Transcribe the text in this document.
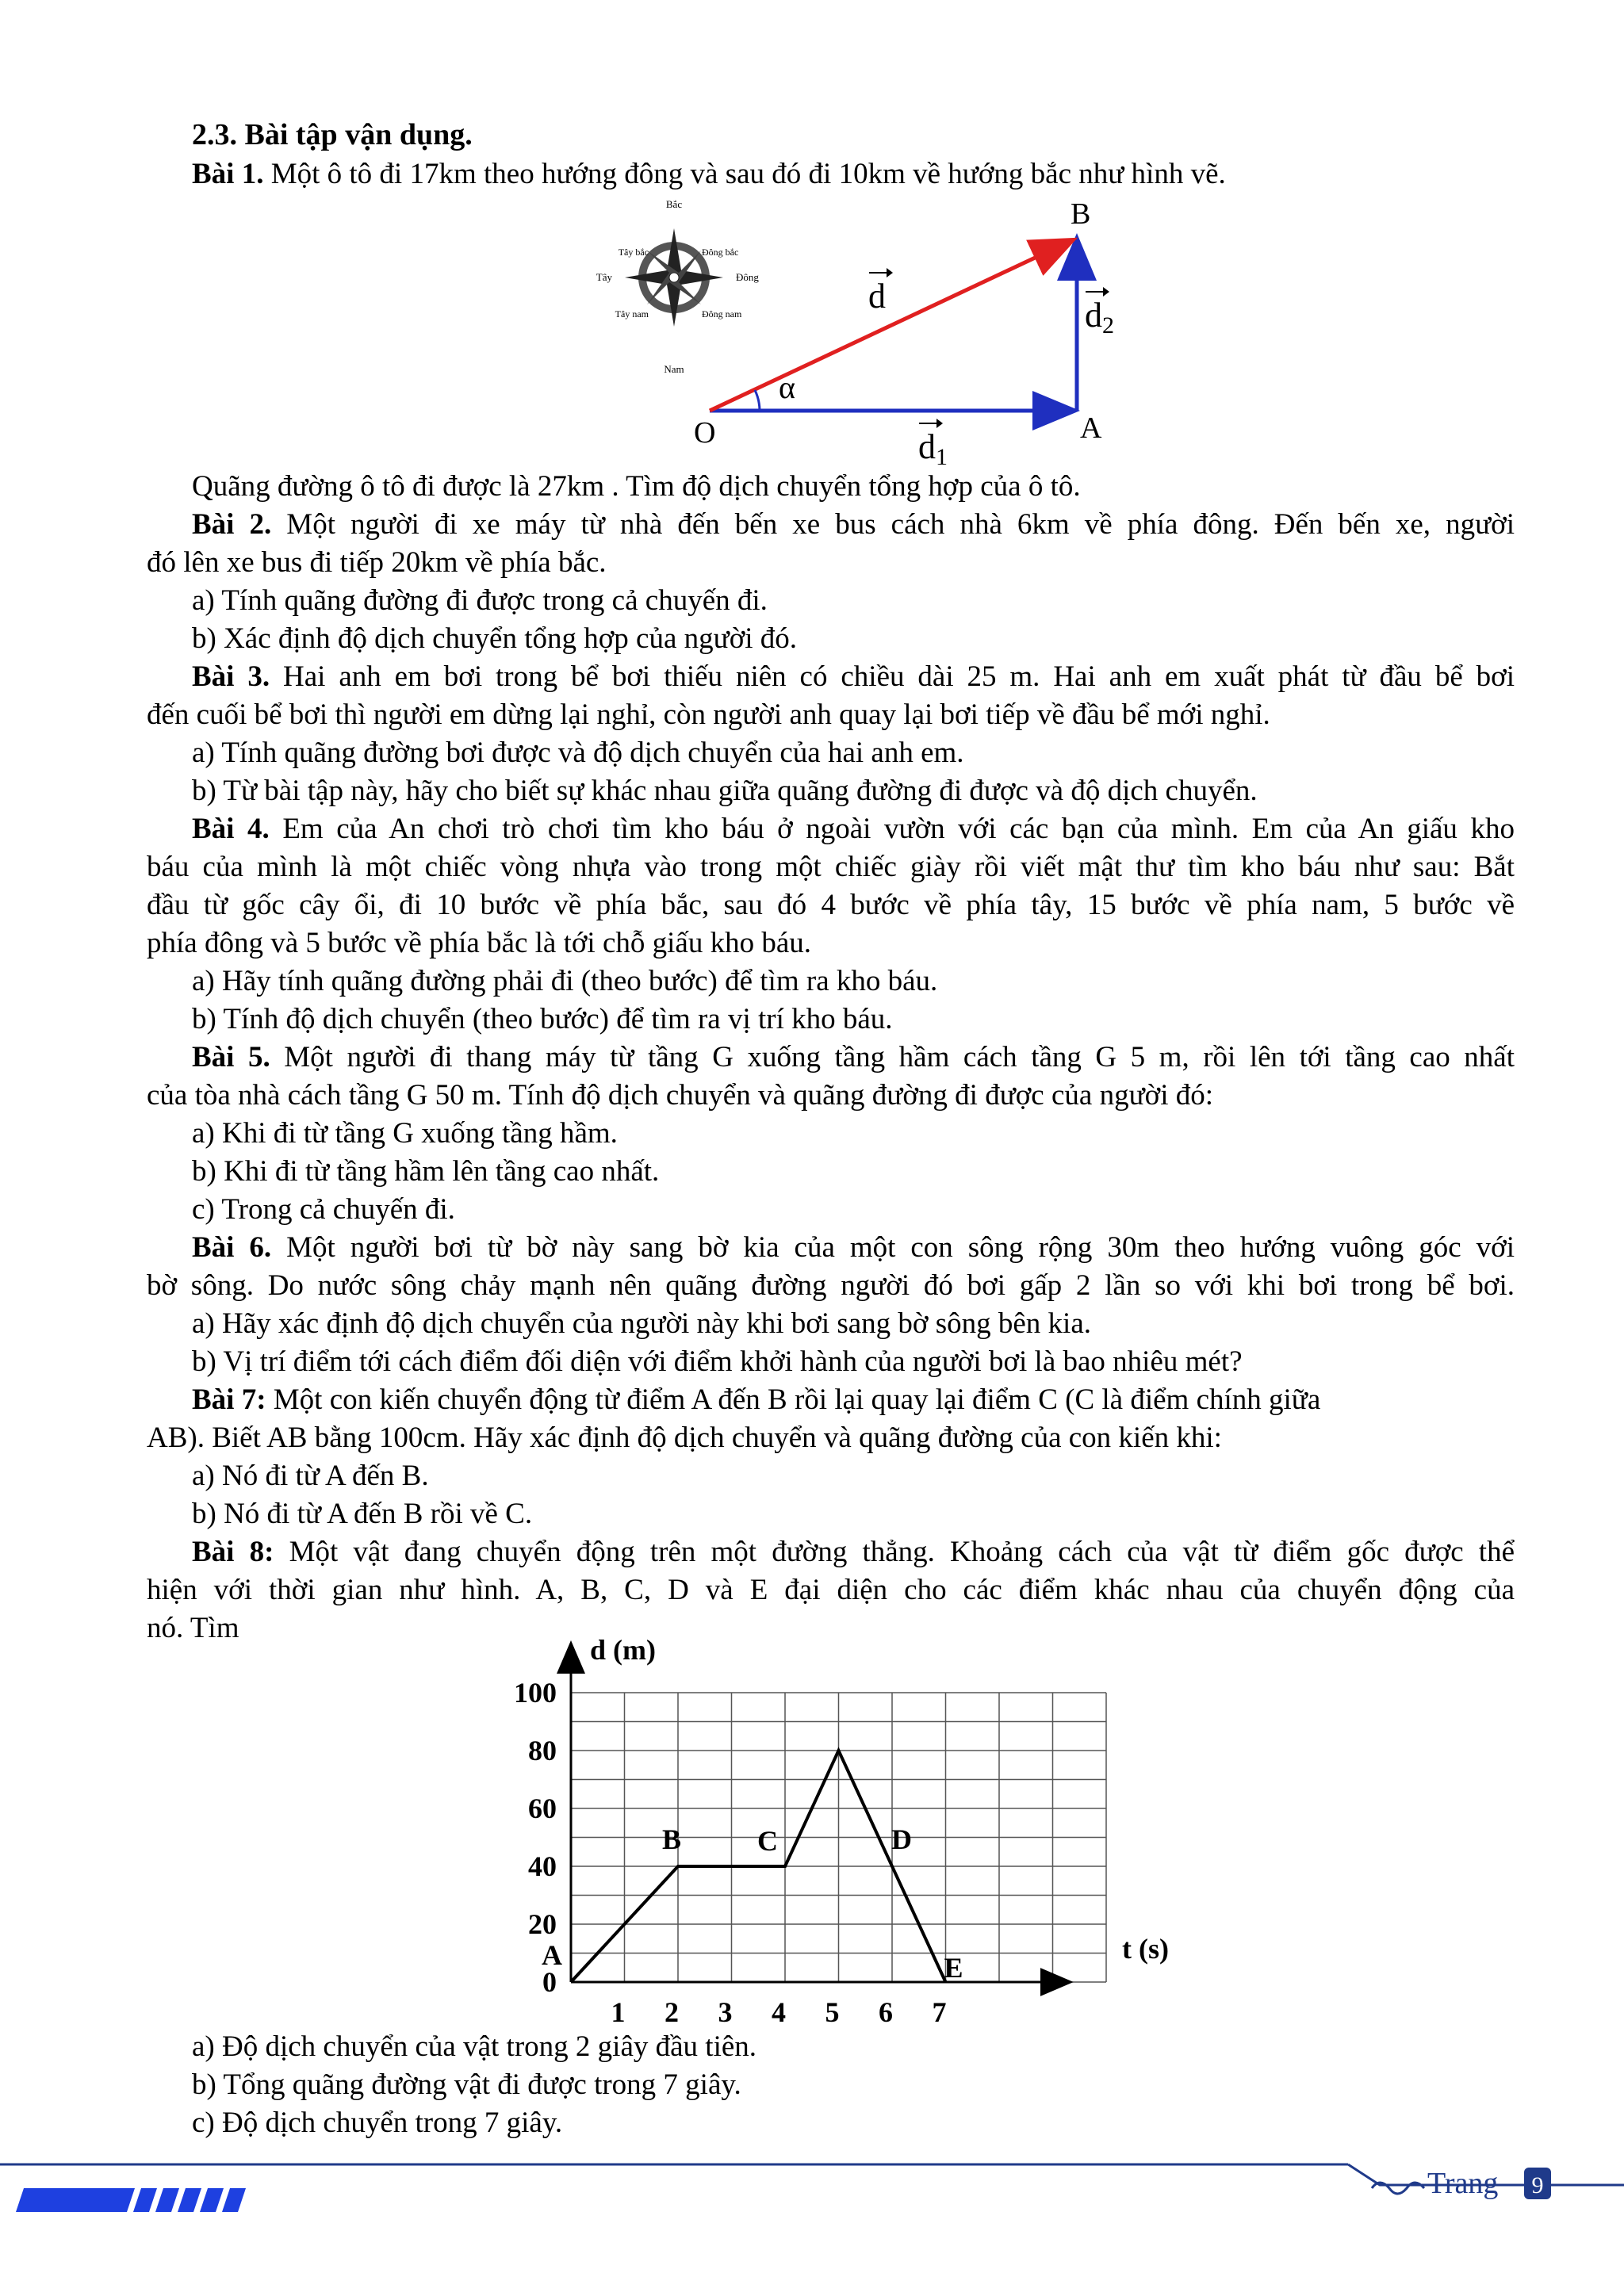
2.3. Bài tập vận dụng.
Bài 1. Một ô tô đi 17km theo hướng đông và sau đó đi 10km về hướng bắc như hình vẽ.
Bắc
Nam
Đông
Tây
Tây bắc	Đông bắc
Tây nam	Đông nam
α
O
B
A
d	d2
d1
Quãng đường ô tô đi được là 27km . Tìm độ dịch chuyển tổng hợp của ô tô.
Bài 2. Một người đi xe máy từ nhà đến bến xe bus cách nhà 6km về phía đông. Đến bến xe, người
đó lên xe bus đi tiếp 20km về phía bắc.
a) Tính quãng đường đi được trong cả chuyến đi.
b) Xác định độ dịch chuyển tổng hợp của người đó.
Bài 3. Hai anh em bơi trong bể bơi thiếu niên có chiều dài 25 m. Hai anh em xuất phát từ đầu bể bơi
đến cuối bể bơi thì người em dừng lại nghỉ, còn người anh quay lại bơi tiếp về đầu bể mới nghỉ.
a) Tính quãng đường bơi được và độ dịch chuyển của hai anh em.
b) Từ bài tập này, hãy cho biết sự khác nhau giữa quãng đường đi được và độ dịch chuyển.
Bài 4. Em của An chơi trò chơi tìm kho báu ở ngoài vườn với các bạn của mình. Em của An giấu kho
báu của mình là một chiếc vòng nhựa vào trong một chiếc giày rồi viết mật thư tìm kho báu như sau: Bắt
đầu từ gốc cây ổi, đi 10 bước về phía bắc, sau đó 4 bước về phía tây, 15 bước về phía nam, 5 bước về
phía đông và 5 bước về phía bắc là tới chỗ giấu kho báu.
a) Hãy tính quãng đường phải đi (theo bước) để tìm ra kho báu.
b) Tính độ dịch chuyển (theo bước) để tìm ra vị trí kho báu.
Bài 5. Một người đi thang máy từ tầng G xuống tầng hầm cách tầng G 5 m, rồi lên tới tầng cao nhất
của tòa nhà cách tầng G 50 m. Tính độ dịch chuyển và quãng đường đi được của người đó:
a) Khi đi từ tầng G xuống tầng hầm.
b) Khi đi từ tầng hầm lên tầng cao nhất.
c) Trong cả chuyến đi.
Bài 6. Một người bơi từ bờ này sang bờ kia của một con sông rộng 30m theo hướng vuông góc với
bờ sông. Do nước sông chảy mạnh nên quãng đường người đó bơi gấp 2 lần so với khi bơi trong bể bơi.
a) Hãy xác định độ dịch chuyển của người này khi bơi sang bờ sông bên kia.
b) Vị trí điểm tới cách điểm đối diện với điểm khởi hành của người bơi là bao nhiêu mét?
Bài 7: Một con kiến chuyển động từ điểm A đến B rồi lại quay lại điểm C (C là điểm chính giữa
AB). Biết AB bằng 100cm. Hãy xác định độ dịch chuyển và quãng đường của con kiến khi:
a) Nó đi từ A đến B.
b) Nó đi từ A đến B rồi về C.
Bài 8: Một vật đang chuyển động trên một đường thẳng. Khoảng cách của vật từ điểm gốc được thể
hiện với thời gian như hình. A, B, C, D và E đại diện cho các điểm khác nhau của chuyển động của
nó. Tìm
0
20
40
60
80
100
1 2 3 4 5 6 7
A
B	C	D
E
d (m)
t (s)
a) Độ dịch chuyển của vật trong 2 giây đầu tiên.
b) Tổng quãng đường vật đi được trong 7 giây.
c) Độ dịch chuyển trong 7 giây.
Trang 9
